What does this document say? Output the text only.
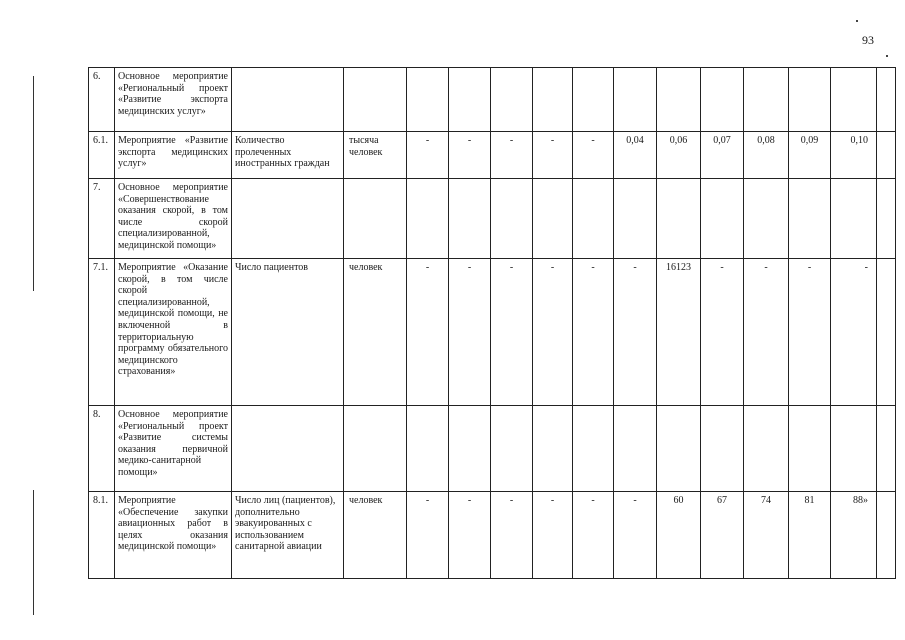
93
6.	Основное мероприятие «Региональный проект «Развитие экспорта медицинских услуг»														
6.1.	Мероприятие «Развитие экспорта медицинских услуг»	Количество пролеченных иностранных граждан	тысяча человек	-	-	-	-	-	0,04	0,06	0,07	0,08	0,09	0,10	
7.	Основное мероприятие «Совершенствование оказания скорой, в том числе скорой специализированной, медицинской помощи»														
7.1.	Мероприятие «Оказание скорой, в том числе скорой специализированной, медицинской помощи, не включенной в территориальную программу обязательного медицинского страхования»	Число пациентов	человек	-	-	-	-	-	-	16123	-	-	-	-	
8.	Основное мероприятие «Региональный проект «Развитие системы оказания первичной медико-санитарной помощи»														
8.1.	Мероприятие «Обеспечение закупки авиационных работ в целях оказания медицинской помощи»	Число лиц (пациентов), дополнительно эвакуированных с использованием санитарной авиации	человек	-	-	-	-	-	-	60	67	74	81	88»	
